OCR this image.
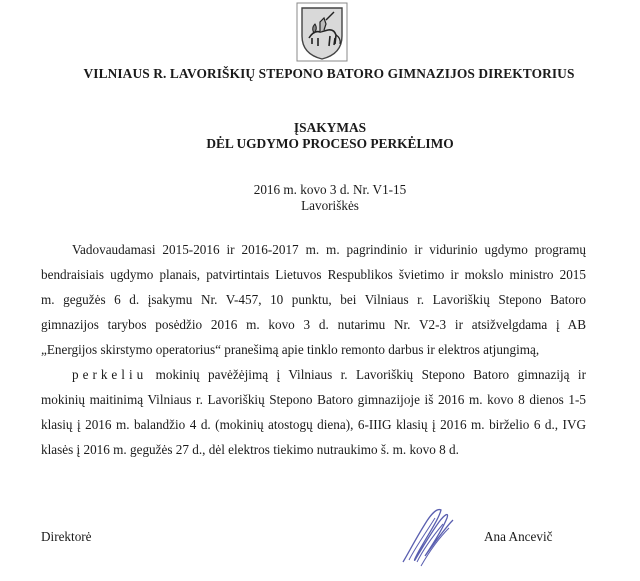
VILNIAUS R. LAVORIŠKIŲ STEPONO BATORO GIMNAZIJOS DIREKTORIUS
ĮSAKYMAS
DĖL UGDYMO PROCESO PERKĖLIMO
2016 m. kovo 3 d. Nr. V1-15
Lavoriškės
Vadovaudamasi 2015-2016 ir 2016-2017 m. m. pagrindinio ir vidurinio ugdymo programų
bendraisiais ugdymo planais, patvirtintais Lietuvos Respublikos švietimo ir mokslo ministro 2015
m. gegužės 6 d. įsakymu Nr. V-457, 10 punktu, bei Vilniaus r. Lavoriškių Stepono Batoro
gimnazijos tarybos posėdžio 2016 m. kovo 3 d. nutarimu Nr. V2-3 ir atsižvelgdama į AB
„Energijos skirstymo operatorius“ pranešimą apie tinklo remonto darbus ir elektros atjungimą,
perkeliu mokinių pavėžėjimą į Vilniaus r. Lavoriškių Stepono Batoro gimnaziją ir
mokinių maitinimą Vilniaus r. Lavoriškių Stepono Batoro gimnazijoje iš 2016 m. kovo 8 dienos 1-5
klasių į 2016 m. balandžio 4 d. (mokinių atostogų diena), 6-IIIG klasių į 2016 m. birželio 6 d., IVG
klasės į 2016 m. gegužės 27 d., dėl elektros tiekimo nutraukimo š. m. kovo 8 d.
Direktorė	Ana Ancevič
